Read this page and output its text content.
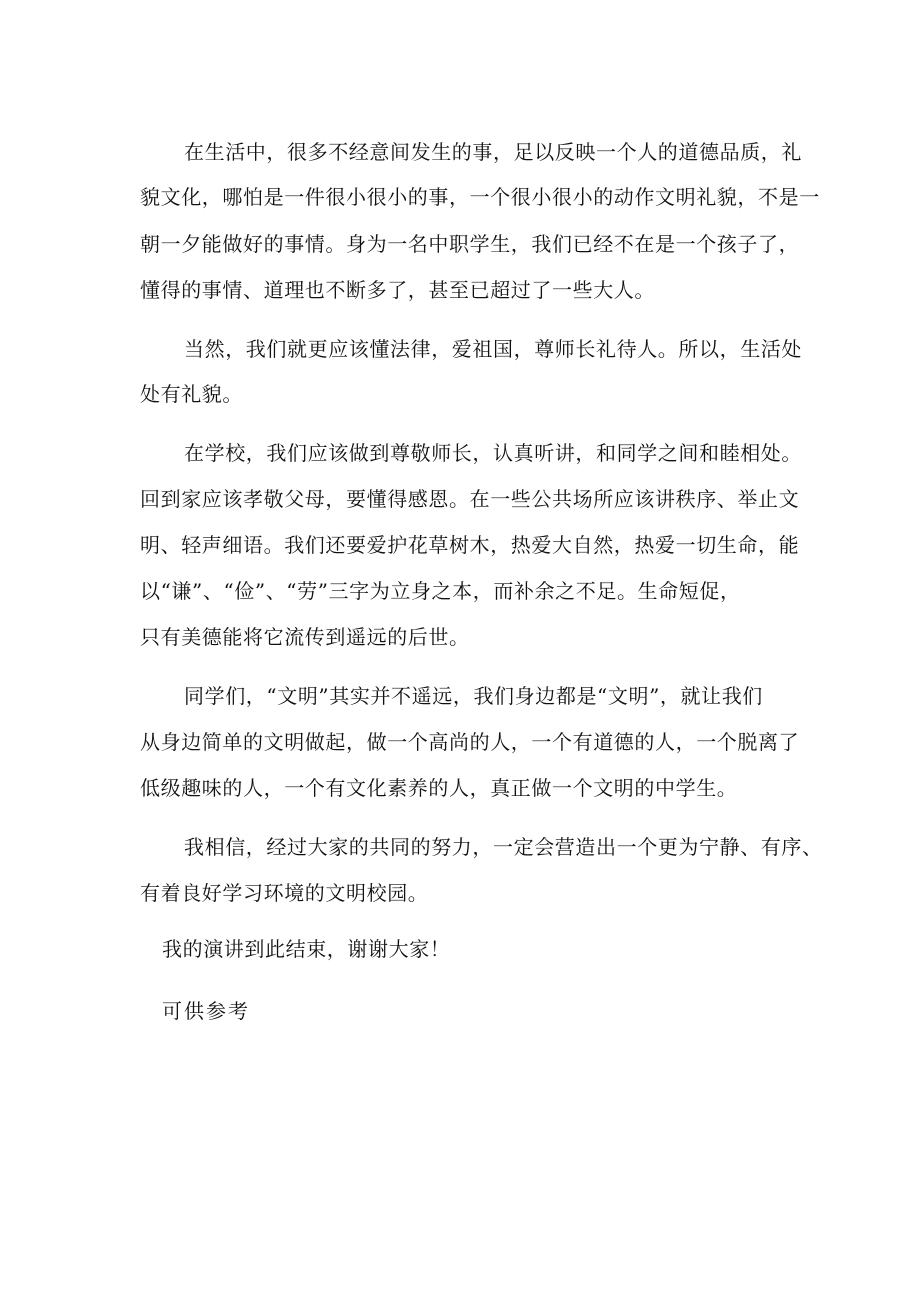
在生活中，很多不经意间发生的事，足以反映一个人的道德品质，礼
貌文化，哪怕是一件很小很小的事，一个很小很小的动作文明礼貌，不是一
朝一夕能做好的事情。身为一名中职学生，我们已经不在是一个孩子了，
懂得的事情、道理也不断多了，甚至已超过了一些大人。
当然，我们就更应该懂法律，爱祖国，尊师长礼待人。所以，生活处
处有礼貌。
在学校，我们应该做到尊敬师长，认真听讲，和同学之间和睦相处。
回到家应该孝敬父母，要懂得感恩。在一些公共场所应该讲秩序、举止文
明、轻声细语。我们还要爱护花草树木，热爱大自然，热爱一切生命，能
以“谦”、“俭”、“劳”三字为立身之本，而补余之不足。生命短促，
只有美德能将它流传到遥远的后世。
同学们，“文明”其实并不遥远，我们身边都是“文明”，就让我们
从身边简单的文明做起，做一个高尚的人，一个有道德的人，一个脱离了
低级趣味的人，一个有文化素养的人，真正做一个文明的中学生。
我相信，经过大家的共同的努力，一定会营造出一个更为宁静、有序、
有着良好学习环境的文明校园。
我的演讲到此结束，谢谢大家！
可供参考
